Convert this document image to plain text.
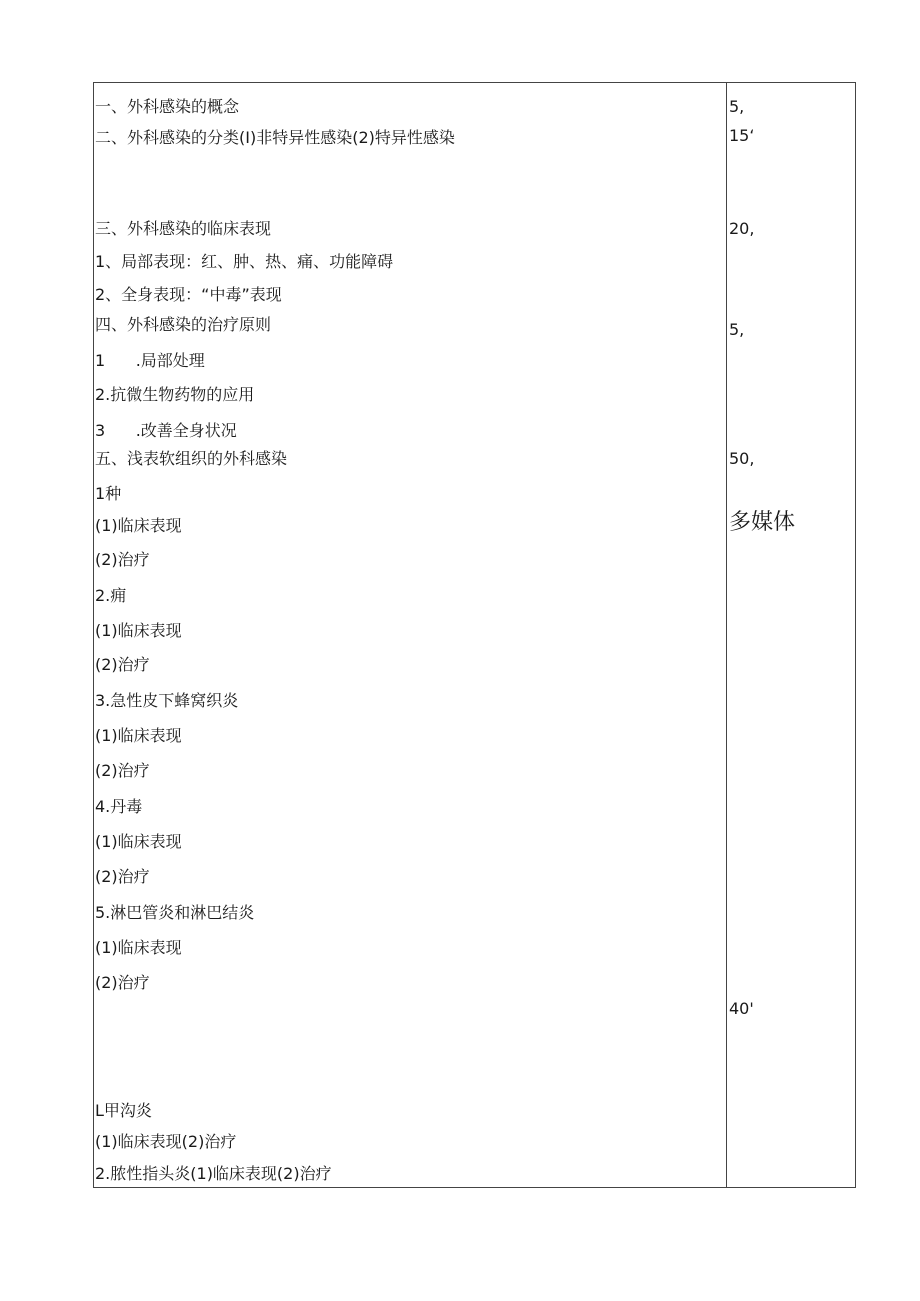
一、外科感染的概念
二、外科感染的分类(I)非特异性感染(2)特异性感染
三、外科感染的临床表现
1、局部表现：红、肿、热、痛、功能障碍
2、全身表现：“中毒”表现
四、外科感染的治疗原则
1	.局部处理
2.抗微生物药物的应用
3	.改善全身状况
五、浅表软组织的外科感染
1种
(1)临床表现
(2)治疗
2.痈
(1)临床表现
(2)治疗
3.急性皮下蜂窝织炎
(1)临床表现
(2)治疗
4.丹毒
(1)临床表现
(2)治疗
5.淋巴管炎和淋巴结炎
(1)临床表现
(2)治疗
L甲沟炎
(1)临床表现(2)治疗
2.脓性指头炎(1)临床表现(2)治疗
5,
15‘
20,
5,
50,
多媒体
40'
